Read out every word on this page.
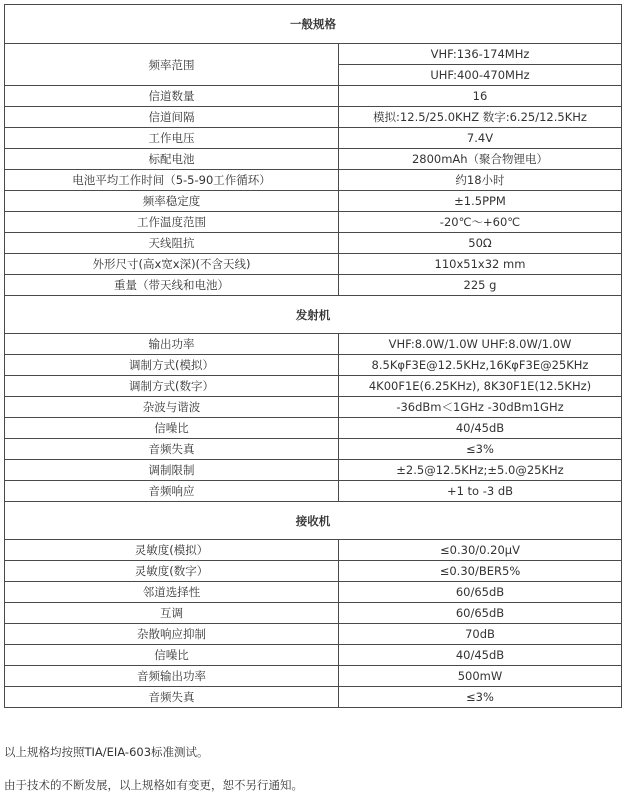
一般规格	
频率范围	VHF:136-174MHz
	UHF:400-470MHz
信道数量	16
信道间隔	模拟:12.5/25.0KHZ 数字:6.25/12.5KHz
工作电压	7.4V
标配电池	2800mAh（聚合物锂电）
电池平均工作时间（5-5-90工作循环）	约18小时
频率稳定度	±1.5PPM
工作温度范围	-20℃～+60℃
天线阻抗	50Ω
外形尺寸(高x宽x深)(不含天线)	110x51x32 mm
重量（带天线和电池）	225 g
发射机	
输出功率	VHF:8.0W/1.0W UHF:8.0W/1.0W
调制方式(模拟）	8.5KφF3E@12.5KHz,16KφF3E@25KHz
调制方式(数字）	4K00F1E(6.25KHz), 8K30F1E(12.5KHz)
杂波与谐波	-36dBm＜1GHz -30dBm1GHz
信噪比	40/45dB
音频失真	≤3%
调制限制	±2.5@12.5KHz;±5.0@25KHz
音频响应	+1 to -3 dB
接收机	
灵敏度(模拟）	≤0.30/0.20μV
灵敏度(数字）	≤0.30/BER5%
邻道选择性	60/65dB
互调	60/65dB
杂散响应抑制	70dB
信噪比	40/45dB
音频输出功率	500mW
音频失真	≤3%

以上规格均按照TIA/EIA-603标准测试。

由于技术的不断发展，以上规格如有变更，恕不另行通知。
